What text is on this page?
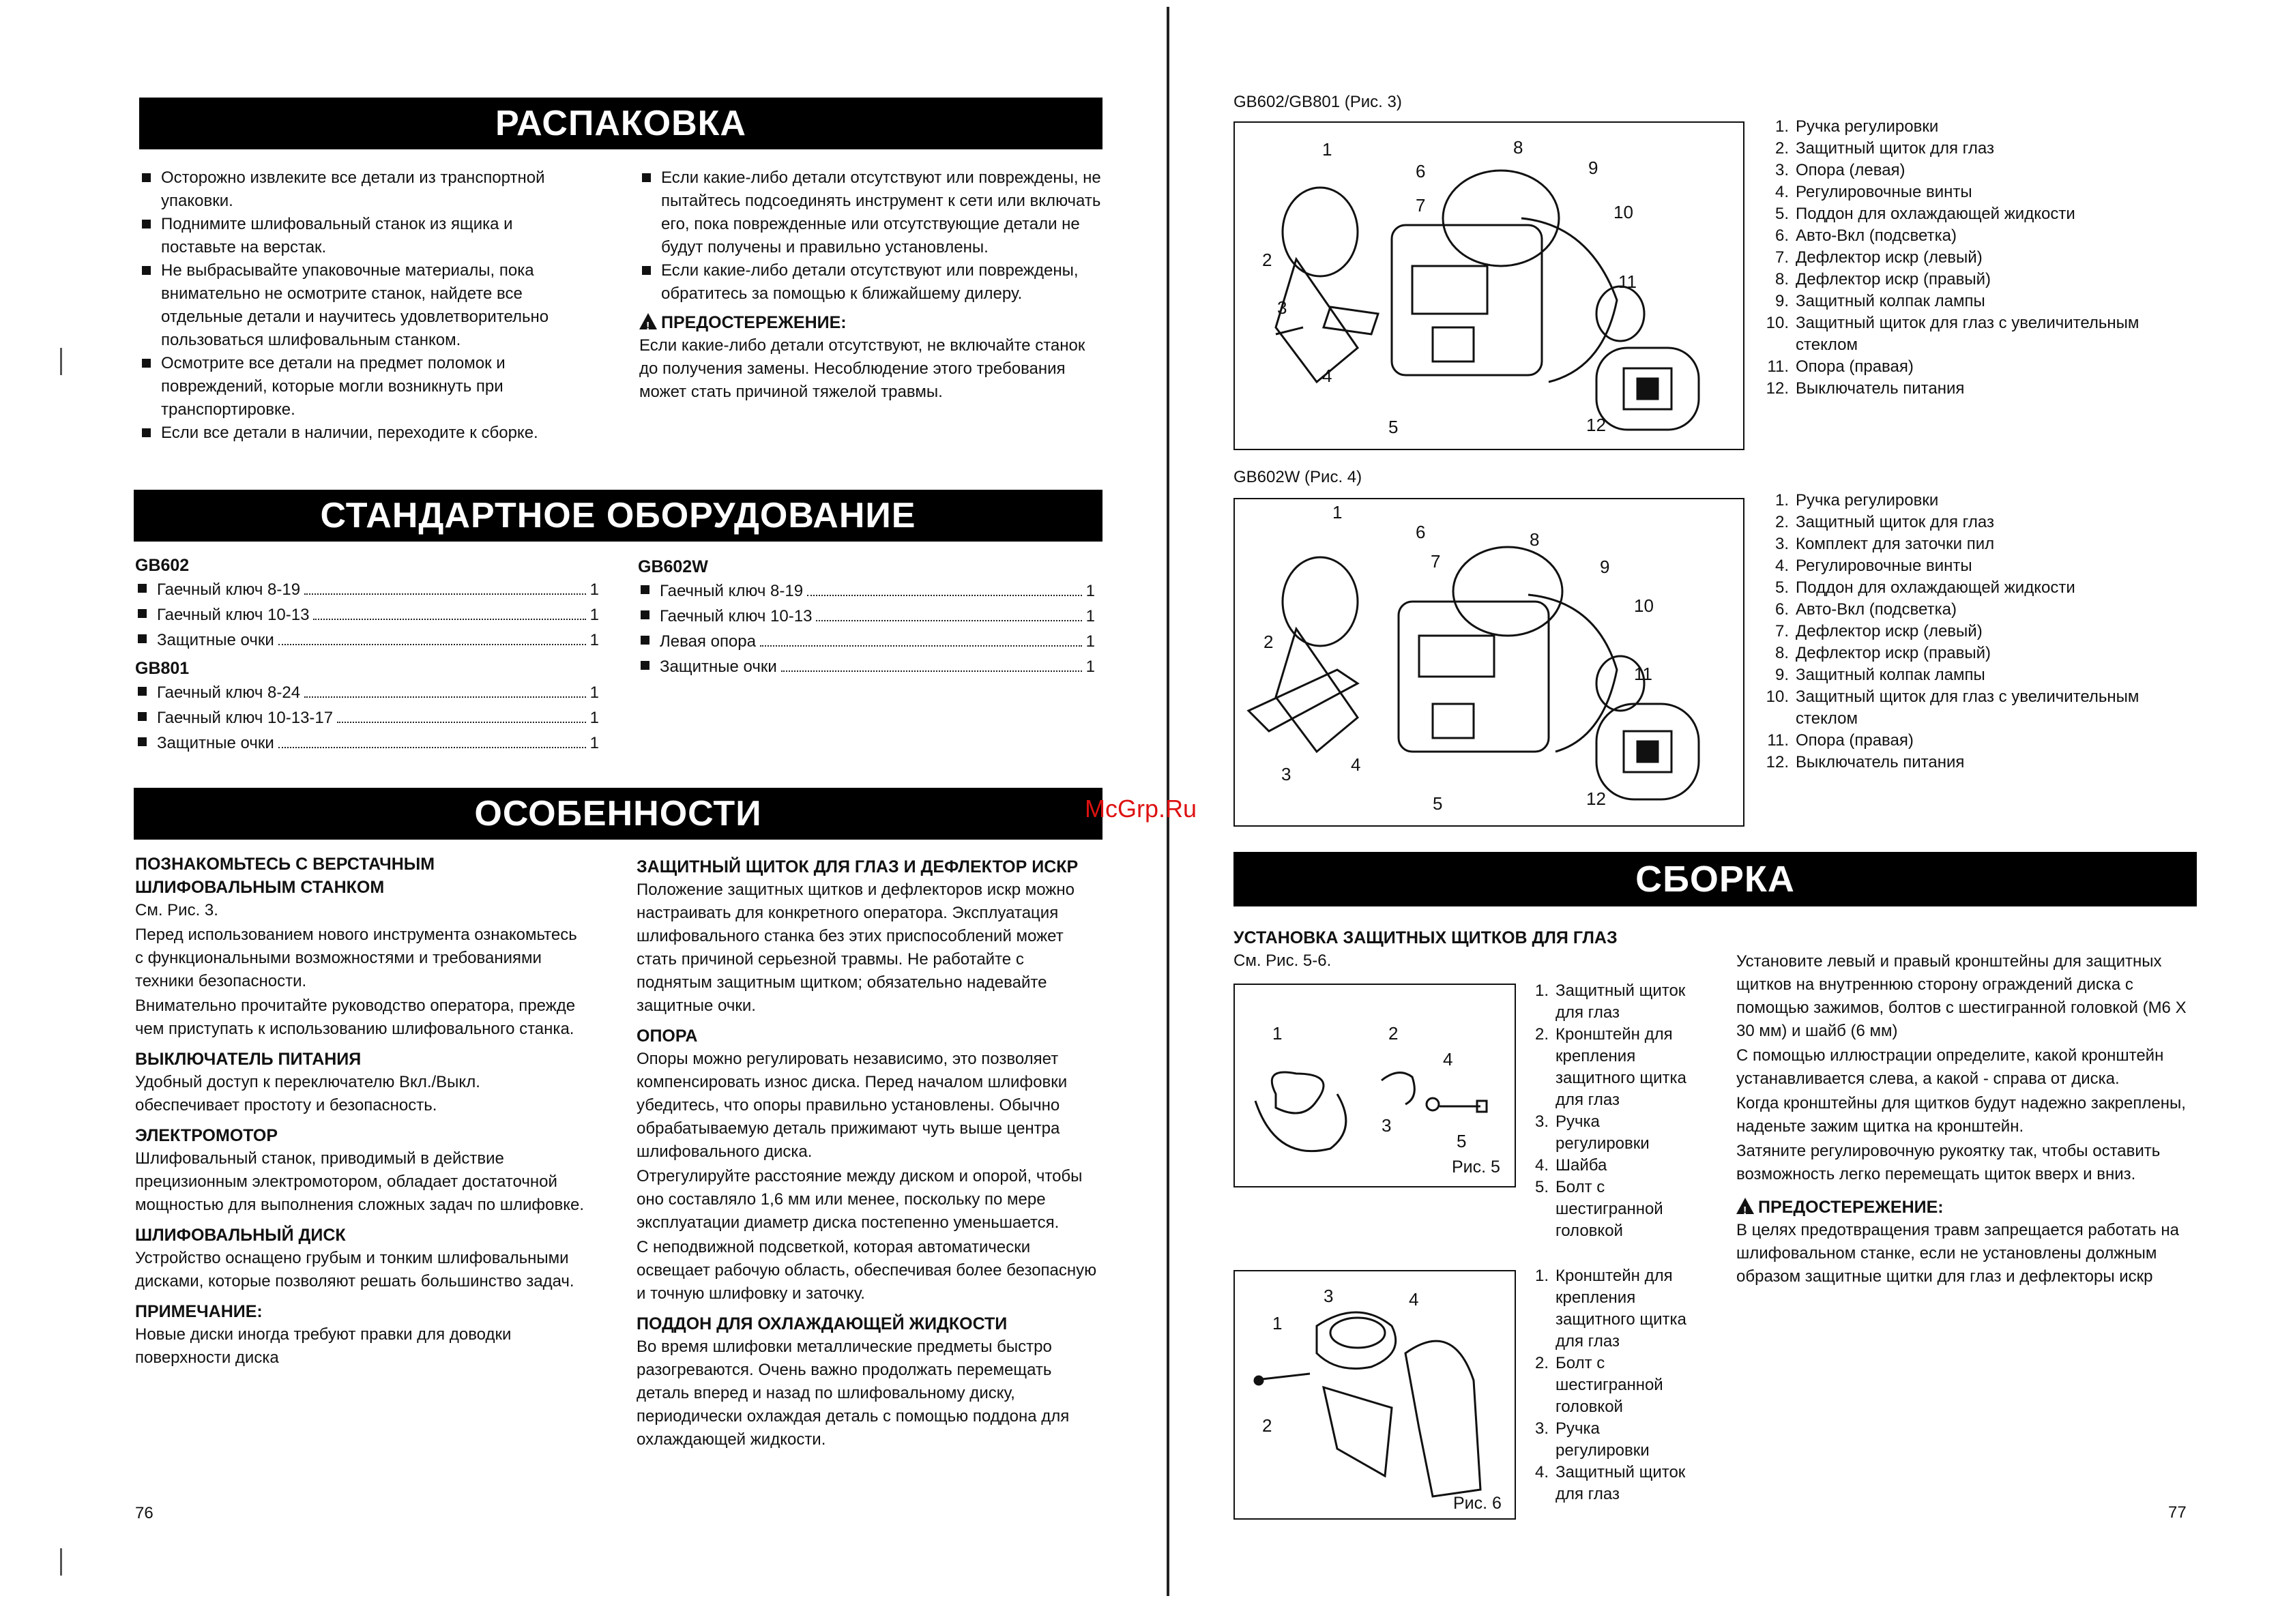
РАСПАКОВКА
Осторожно извлеките все детали из транспортной упаковки.
Поднимите шлифовальный станок из ящика и поставьте на верстак.
Не выбрасывайте упаковочные материалы, пока внимательно не осмотрите станок, найдете все отдельные детали и научитесь удовлетворительно пользоваться шлифовальным станком.
Осмотрите все детали на предмет поломок и повреждений, которые могли возникнуть при транспортировке.
Если все детали в наличии, переходите к сборке.
Если какие-либо детали отсутствуют или повреждены, не пытайтесь подсоединять инструмент к сети или включать его, пока поврежденные или отсутствующие детали не будут получены и правильно установлены.
Если какие-либо детали отсутствуют или повреждены, обратитесь за помощью к ближайшему дилеру.
!ПРЕДОСТЕРЕЖЕНИЕ:
Если какие-либо детали отсутствуют, не включайте станок до получения замены. Несоблюдение этого требования может стать причиной тяжелой травмы.
СТАНДАРТНОЕ ОБОРУДОВАНИЕ
GB602
Гаечный ключ 8-19	1
Гаечный ключ 10-13	1
Защитные очки	1
GB801
Гаечный ключ 8-24	1
Гаечный ключ 10-13-17	1
Защитные очки	1
GB602W
Гаечный ключ 8-19	1
Гаечный ключ 10-13	1
Левая опора	1
Защитные очки	1
ОСОБЕННОСТИ
ПОЗНАКОМЬТЕСЬ С ВЕРСТАЧНЫМ ШЛИФОВАЛЬНЫМ СТАНКОМ
См. Рис. 3.
Перед использованием нового инструмента ознакомьтесь с функциональными возможностями и требованиями техники безопасности.
Внимательно прочитайте руководство оператора, прежде чем приступать к использованию шлифовального станка.
ВЫКЛЮЧАТЕЛЬ ПИТАНИЯ
Удобный доступ к переключателю Вкл./Выкл. обеспечивает простоту и безопасность.
ЭЛЕКТРОМОТОР
Шлифовальный станок, приводимый в действие прецизионным электромотором, обладает достаточной мощностью для выполнения сложных задач по шлифовке.
ШЛИФОВАЛЬНЫЙ ДИСК
Устройство оснащено грубым и тонким шлифовальными дисками, которые позволяют решать большинство задач.
ПРИМЕЧАНИЕ:
Новые диски иногда требуют правки для доводки поверхности диска
ЗАЩИТНЫЙ ЩИТОК ДЛЯ ГЛАЗ И ДЕФЛЕКТОР ИСКР
Положение защитных щитков и дефлекторов искр можно настраивать для конкретного оператора. Эксплуатация шлифовального станка без этих приспособлений может стать причиной серьезной травмы. Не работайте с поднятым защитным щитком; обязательно надевайте защитные очки.
ОПОРА
Опоры можно регулировать независимо, это позволяет компенсировать износ диска. Перед началом шлифовки убедитесь, что опоры правильно установлены. Обычно обрабатываемую деталь прижимают чуть выше центра шлифовального диска.
Отрегулируйте расстояние между диском и опорой, чтобы оно составляло 1,6 мм или менее, поскольку по мере эксплуатации диаметр диска постепенно уменьшается.
С неподвижной подсветкой, которая автоматически освещает рабочую область, обеспечивая более безопасную и точную шлифовку и заточку.
ПОДДОН ДЛЯ ОХЛАЖДАЮЩЕЙ ЖИДКОСТИ
Во время шлифовки металлические предметы быстро разогреваются. Очень важно продолжать перемещать деталь вперед и назад по шлифовальному диску, периодически охлаждая деталь с помощью поддона для охлаждающей жидкости.
76
McGrp.Ru
GB602/GB801 (Рис. 3)
1
2
3
4
5
6
7
8
9
10
11
12
1. Ручка регулировки
2. Защитный щиток для глаз
3. Опора (левая)
4. Регулировочные винты
5. Поддон для охлаждающей жидкости
6. Авто-Вкл (подсветка)
7. Дефлектор искр (левый)
8. Дефлектор искр (правый)
9. Защитный колпак лампы
10. Защитный щиток для глаз с увеличительным стеклом
11. Опора (правая)
12. Выключатель питания
GB602W (Рис. 4)
1
2
3	4
5
6
7
8
9
10
11
12
1. Ручка регулировки
2. Защитный щиток для глаз
3. Комплект для заточки пил
4. Регулировочные винты
5. Поддон для охлаждающей жидкости
6. Авто-Вкл (подсветка)
7. Дефлектор искр (левый)
8. Дефлектор искр (правый)
9. Защитный колпак лампы
10. Защитный щиток для глаз с увеличительным стеклом
11. Опора (правая)
12. Выключатель питания
СБОРКА
УСТАНОВКА ЗАЩИТНЫХ ЩИТКОВ ДЛЯ ГЛАЗ
См. Рис. 5-6.
1	2
3
4
5
Рис. 5
1. Защитный щиток для глаз
2. Кронштейн для крепления защитного щитка для глаз
3. Ручка регулировки
4. Шайба
5. Болт с шестигранной головкой
1
2
3	4
Рис. 6
1. Кронштейн для крепления защитного щитка для глаз
2. Болт с шестигранной головкой
3. Ручка регулировки
4. Защитный щиток для глаз
Установите левый и правый кронштейны для защитных щитков на внутреннюю сторону ограждений диска с помощью зажимов, болтов с шестигранной головкой (М6 Х 30 мм) и шайб (6 мм)
С помощью иллюстрации определите, какой кронштейн устанавливается слева, а какой - справа от диска.
Когда кронштейны для щитков будут надежно закреплены, наденьте зажим щитка на кронштейн.
Затяните регулировочную рукоятку так, чтобы оставить возможность легко перемещать щиток вверх и вниз.
!ПРЕДОСТЕРЕЖЕНИЕ:
В целях предотвращения травм запрещается работать на шлифовальном станке, если не установлены должным образом защитные щитки для глаз и дефлекторы искр
77
